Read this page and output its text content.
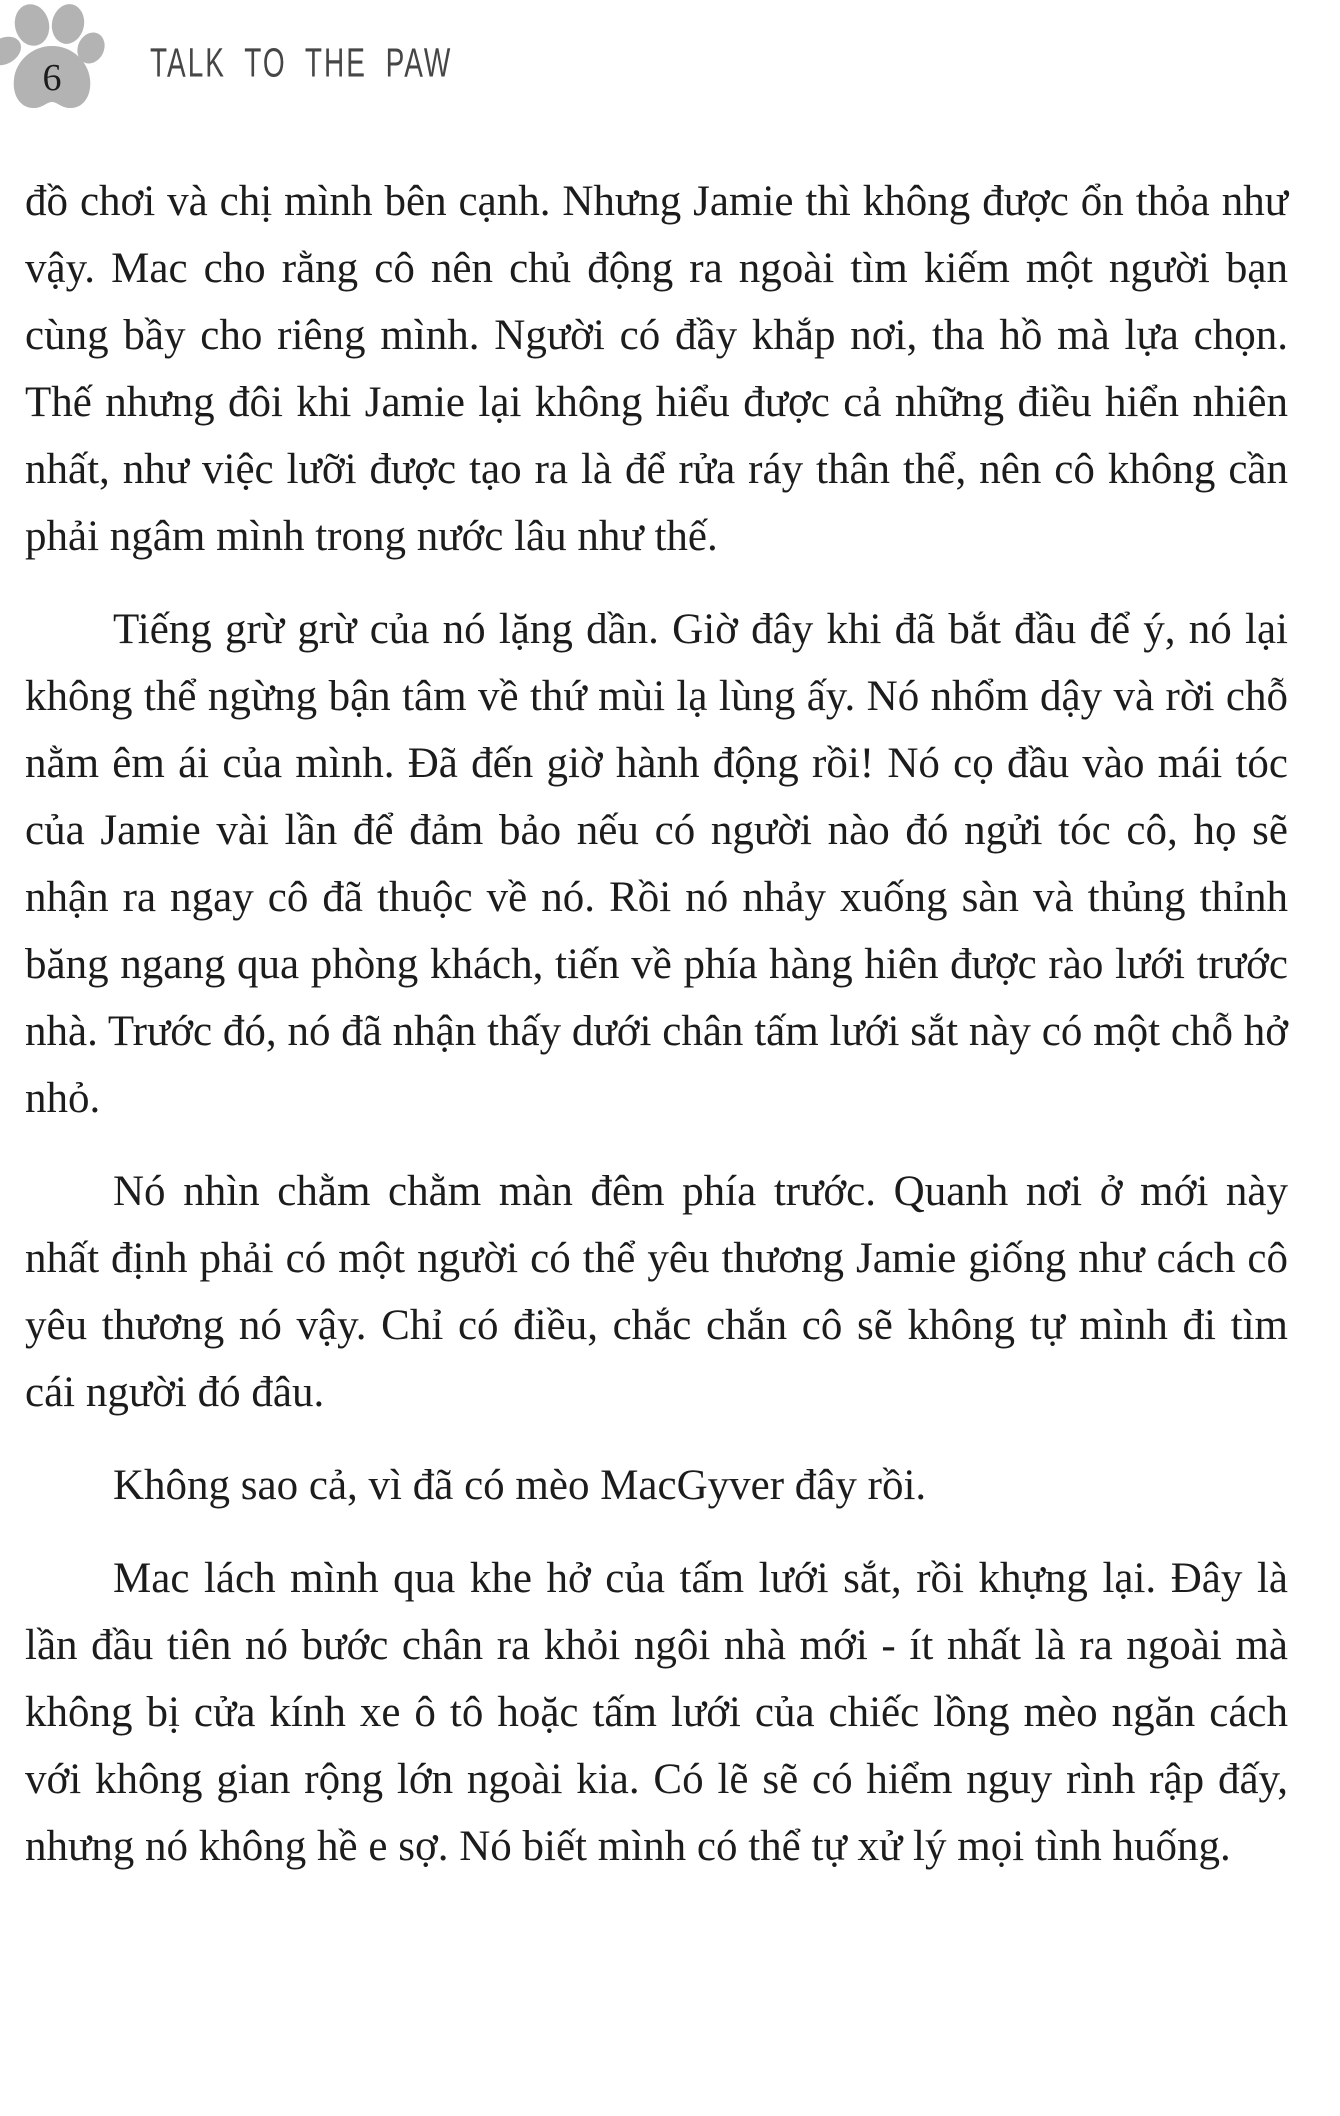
6	TALK TO THE PAW

đồ chơi và chị mình bên cạnh. Nhưng Jamie thì không được ổn thỏa như vậy. Mac cho rằng cô nên chủ động ra ngoài tìm kiếm một người bạn cùng bầy cho riêng mình. Người có đầy khắp nơi, tha hồ mà lựa chọn. Thế nhưng đôi khi Jamie lại không hiểu được cả những điều hiển nhiên nhất, như việc lưỡi được tạo ra là để rửa ráy thân thể, nên cô không cần phải ngâm mình trong nước lâu như thế.

Tiếng grừ grừ của nó lặng dần. Giờ đây khi đã bắt đầu để ý, nó lại không thể ngừng bận tâm về thứ mùi lạ lùng ấy. Nó nhổm dậy và rời chỗ nằm êm ái của mình. Đã đến giờ hành động rồi! Nó cọ đầu vào mái tóc của Jamie vài lần để đảm bảo nếu có người nào đó ngửi tóc cô, họ sẽ nhận ra ngay cô đã thuộc về nó. Rồi nó nhảy xuống sàn và thủng thỉnh băng ngang qua phòng khách, tiến về phía hàng hiên được rào lưới trước nhà. Trước đó, nó đã nhận thấy dưới chân tấm lưới sắt này có một chỗ hở nhỏ.

Nó nhìn chằm chằm màn đêm phía trước. Quanh nơi ở mới này nhất định phải có một người có thể yêu thương Jamie giống như cách cô yêu thương nó vậy. Chỉ có điều, chắc chắn cô sẽ không tự mình đi tìm cái người đó đâu.

Không sao cả, vì đã có mèo MacGyver đây rồi.

Mac lách mình qua khe hở của tấm lưới sắt, rồi khựng lại. Đây là lần đầu tiên nó bước chân ra khỏi ngôi nhà mới - ít nhất là ra ngoài mà không bị cửa kính xe ô tô hoặc tấm lưới của chiếc lồng mèo ngăn cách với không gian rộng lớn ngoài kia. Có lẽ sẽ có hiểm nguy rình rập đấy, nhưng nó không hề e sợ. Nó biết mình có thể tự xử lý mọi tình huống.
